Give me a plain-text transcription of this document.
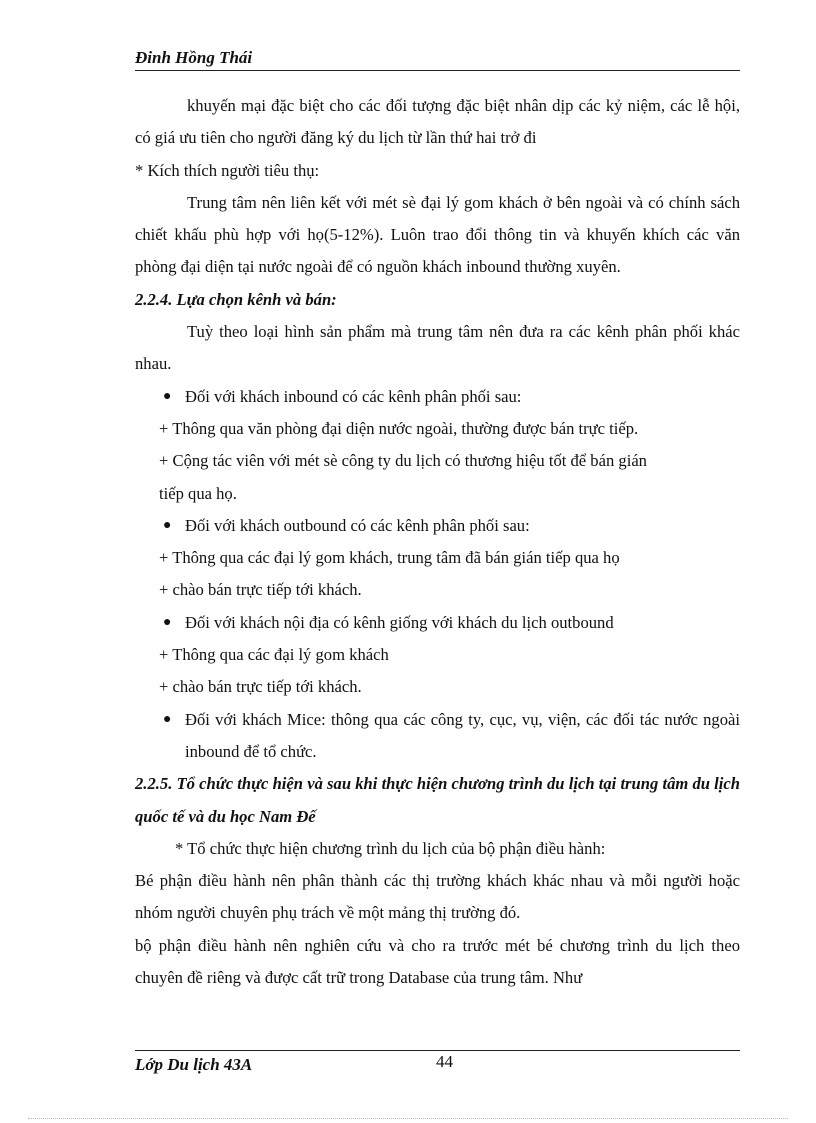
Đinh Hồng Thái

khuyến mại đặc biệt cho các đối tượng đặc biệt nhân dịp các kỷ niệm, các lễ hội, có giá ưu tiên cho người đăng ký du lịch từ lần thứ hai trở đi

* Kích thích người tiêu thụ:

Trung tâm nên liên kết với mét sè đại lý gom khách ở bên ngoài và có chính sách chiết khấu phù hợp với họ(5-12%). Luôn trao đổi thông tin và khuyến khích các văn phòng đại diện tại nước ngoài để có nguồn khách inbound thường xuyên.

2.2.4. Lựa chọn kênh và bán:

Tuỳ theo loại hình sản phẩm mà trung tâm nên đưa ra các kênh phân phối khác nhau.

● Đối với khách inbound có các kênh phân phối sau:

+ Thông qua văn phòng đại diện nước ngoài, thường được bán trực tiếp.

+ Cộng tác viên với mét sè công ty du lịch có thương hiệu tốt để bán gián
tiếp qua họ.

● Đối với khách outbound có các kênh phân phối sau:

+ Thông qua các đại lý gom khách, trung tâm đã bán gián tiếp qua họ

+ chào bán trực tiếp tới khách.

● Đối với khách nội địa có kênh giống với khách du lịch outbound

+ Thông qua các đại lý gom khách

+ chào bán trực tiếp tới khách.

● Đối với khách Mice: thông qua các công ty, cục, vụ, viện, các đối tác nước ngoài inbound để tổ chức.

2.2.5. Tổ chức thực hiện và sau khi thực hiện chương trình du lịch tại trung tâm du lịch quốc tế và du học Nam Đế

* Tổ chức thực hiện chương trình du lịch của bộ phận điều hành:

Bé phận điều hành nên phân thành các thị trường khách khác nhau và mỗi người hoặc nhóm người chuyên phụ trách về một mảng thị trường đó.

bộ phận điều hành nên nghiên cứu và cho ra trước mét bé chương trình du lịch theo chuyên đề riêng và được cất trữ trong Database của trung tâm. Như

Lớp Du lịch 43A	44
